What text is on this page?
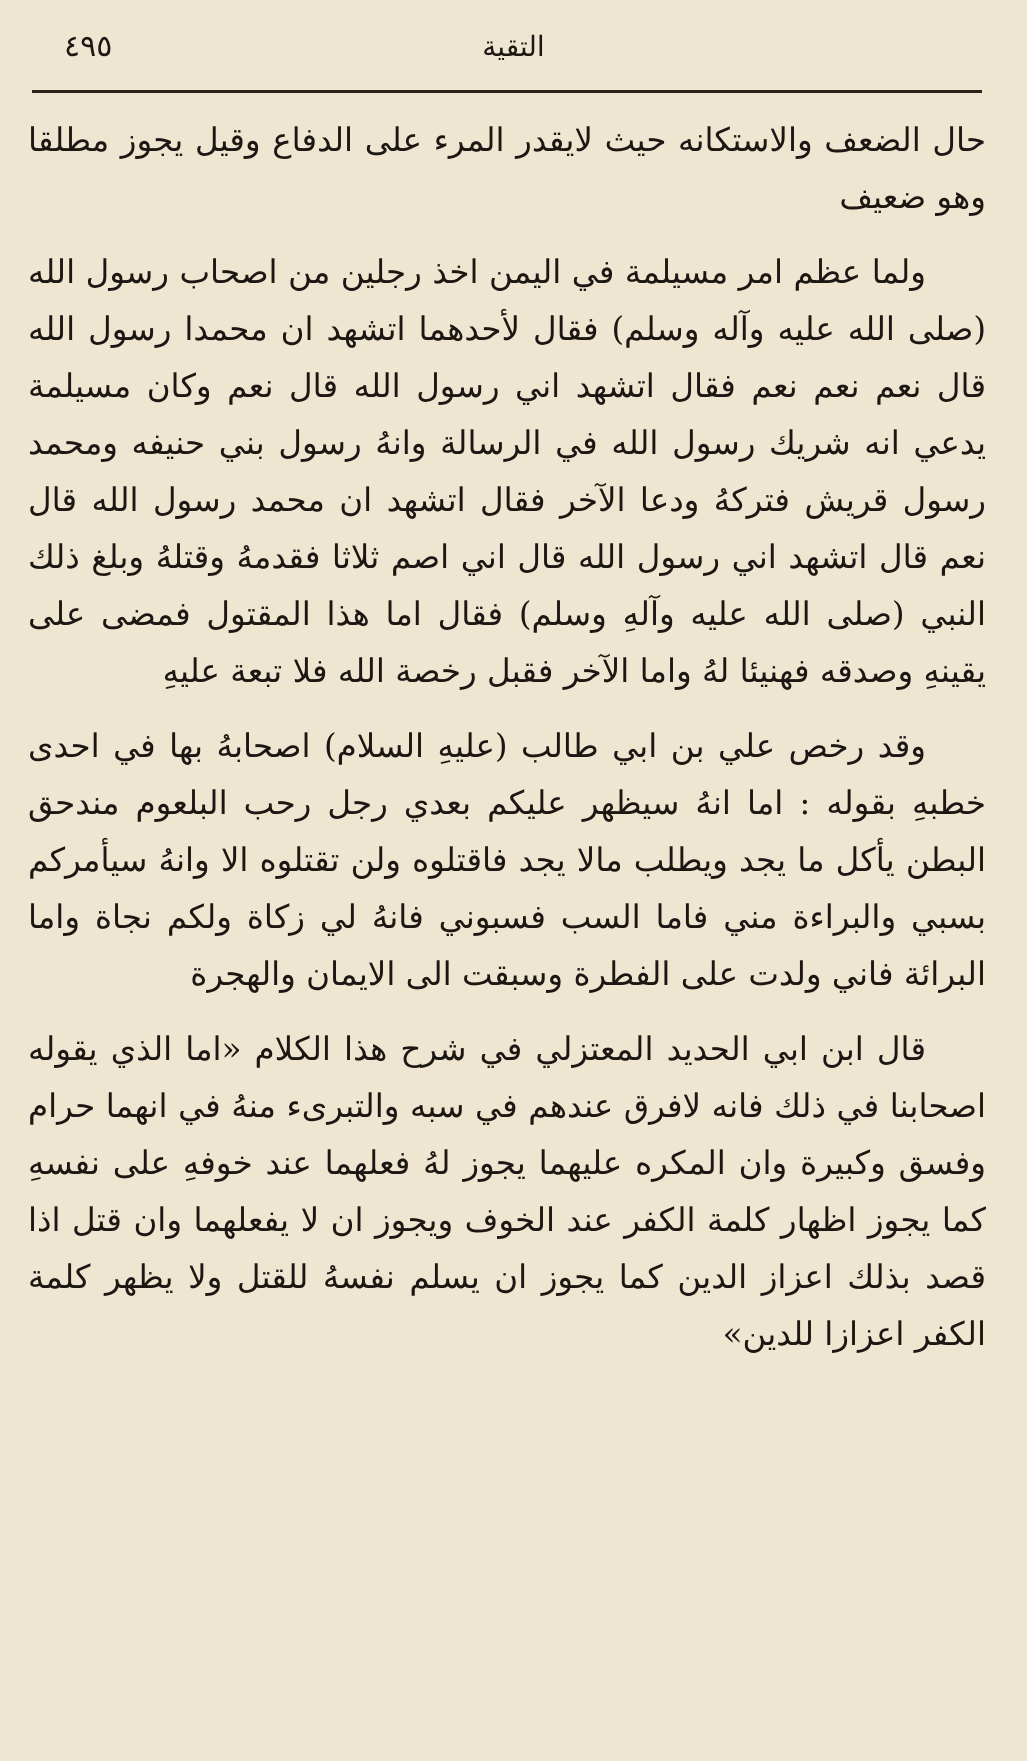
٤٩٥	التقية

حال الضعف والاستكانه حيث لايقدر المرء على الدفاع وقيل يجوز مطلقا وهو ضعيف

ولما عظم امر مسيلمة في اليمن اخذ رجلين من اصحاب رسول الله (صلى الله عليه وآله وسلم) فقال لأحدهما اتشهد ان محمدا رسول الله قال نعم نعم نعم فقال اتشهد اني رسول الله قال نعم وكان مسيلمة يدعي انه شريك رسول الله في الرسالة وانهُ رسول بني حنيفه ومحمد رسول قريش فتركهُ ودعا الآخر فقال اتشهد ان محمد رسول الله قال نعم قال اتشهد اني رسول الله قال اني اصم ثلاثا فقدمهُ وقتلهُ وبلغ ذلك النبي (صلى الله عليه وآلهِ وسلم) فقال اما هذا المقتول فمضى على يقينهِ وصدقه فهنيئا لهُ واما الآخر فقبل رخصة الله فلا تبعة عليهِ

وقد رخص علي بن ابي طالب (عليهِ السلام) اصحابهُ بها في احدى خطبهِ بقوله : اما انهُ سيظهر عليكم بعدي رجل رحب البلعوم مندحق البطن يأكل ما يجد ويطلب مالا يجد فاقتلوه ولن تقتلوه الا وانهُ سيأمركم بسبي والبراءة مني فاما السب فسبوني فانهُ لي زكاة ولكم نجاة واما البرائة فاني ولدت على الفطرة وسبقت الى الايمان والهجرة

قال ابن ابي الحديد المعتزلي في شرح هذا الكلام «اما الذي يقوله اصحابنا في ذلك فانه لافرق عندهم في سبه والتبرىء منهُ في انهما حرام وفسق وكبيرة وان المكره عليهما يجوز لهُ فعلهما عند خوفهِ على نفسهِ كما يجوز اظهار كلمة الكفر عند الخوف ويجوز ان لا يفعلهما وان قتل اذا قصد بذلك اعزاز الدين كما يجوز ان يسلم نفسهُ للقتل ولا يظهر كلمة الكفر اعزازا للدين»
